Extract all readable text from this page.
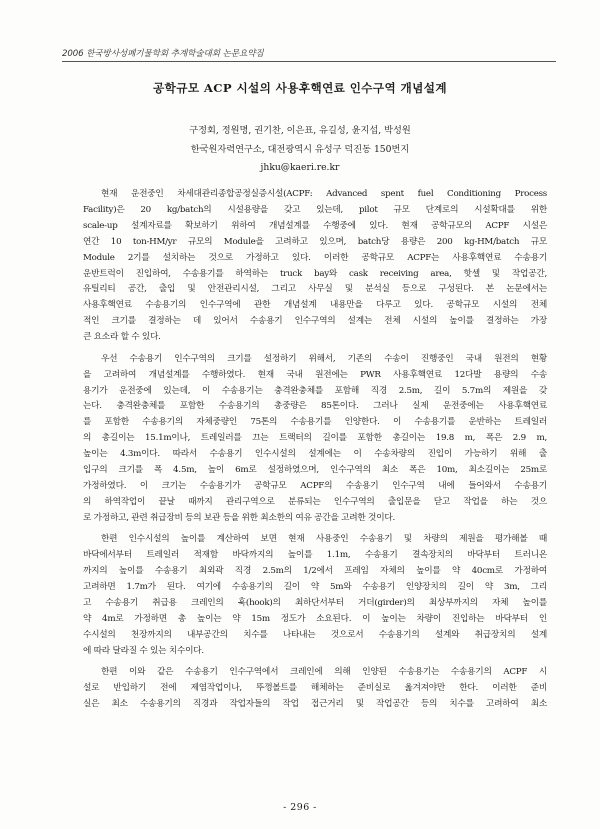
2006 한국방사성폐기물학회 추계학술대회 논문요약집
공학규모 ACP 시설의 사용후핵연료 인수구역 개념설계
구정회, 정원명, 권기찬, 이은표, 유길성, 윤지섭, 박성원
한국원자력연구소, 대전광역시 유성구 덕진동 150번지
jhku@kaeri.re.kr
현재 운전중인 차세대관리종합공정실증시설(ACPF: Advanced spent fuel Conditioning Process
Facility)은 20 kg/batch의 시설용량을 갖고 있는데, pilot 규모 단계로의 시설확대를 위한
scale-up 설계자료를 확보하기 위하여 개념설계를 수행중에 있다. 현재 공학규모의 ACPF 시설은
연간 10 ton-HM/yr 규모의 Module을 고려하고 있으며, batch당 용량은 200 kg-HM/batch 규모
Module 2기를 설치하는 것으로 가정하고 있다. 이러한 공학규모 ACPF는 사용후핵연료 수송용기
운반트럭이 진입하여, 수송용기를 하역하는 truck bay와 cask receiving area, 핫셀 및 작업공간,
유틸리티 공간, 출입 및 안전관리시설, 그리고 사무실 및 분석실 등으로 구성된다. 본 논문에서는
사용후핵연료 수송용기의 인수구역에 관한 개념설계 내용만을 다루고 있다. 공학규모 시설의 전체
적인 크기를 결정하는 데 있어서 수송용기 인수구역의 설계는 전체 시설의 높이를 결정하는 가장
큰 요소라 할 수 있다.
우선 수송용기 인수구역의 크기를 설정하기 위해서, 기존의 수송이 진행중인 국내 원전의 현황
을 고려하여 개념설계를 수행하였다. 현재 국내 원전에는 PWR 사용후핵연료 12다발 용량의 수송
용기가 운전중에 있는데, 이 수송용기는 충격완충체를 포함해 직경 2.5m, 길이 5.7m의 제원을 갖
는다. 충격완충체를 포함한 수송용기의 총중량은 85톤이다. 그러나 실제 운전중에는 사용후핵연료
를 포함한 수송용기의 자체중량인 75톤의 수송용기를 인양한다. 이 수송용기를 운반하는 트레일러
의 총길이는 15.1m이나, 트레일러를 끄는 트랙터의 길이를 포함한 총길이는 19.8 m, 폭은 2.9 m,
높이는 4.3m이다. 따라서 수송용기 인수시설의 설계에는 이 수송차량의 진입이 가능하기 위해 출
입구의 크기를 폭 4.5m, 높이 6m로 설정하였으며, 인수구역의 최소 폭은 10m, 최소길이는 25m로
가정하였다. 이 크기는 수송용기가 공학규모 ACPF의 수송용기 인수구역 내에 들어와서 수송용기
의 하역작업이 끝날 때까지 관리구역으로 분류되는 인수구역의 출입문을 닫고 작업을 하는 것으
로 가정하고, 관련 취급장비 등의 보관 등을 위한 최소한의 여유 공간을 고려한 것이다.
한편 인수시설의 높이를 계산하여 보면 현재 사용중인 수송용기 및 차량의 제원을 평가해볼 때
바닥에서부터 트레일러 적재함 바닥까지의 높이를 1.1m, 수송용기 결속장치의 바닥부터 트러니온
까지의 높이를 수송용기 최외곽 직경 2.5m의 1/2에서 프레임 자체의 높이를 약 40cm로 가정하여
고려하면 1.7m가 된다. 여기에 수송용기의 길이 약 5m와 수송용기 인양장치의 길이 약 3m, 그리
고 수송용기 취급용 크레인의 훅(hook)의 최하단서부터 거더(girder)의 최상부까지의 자체 높이를
약 4m로 가정하면 총 높이는 약 15m 정도가 소요된다. 이 높이는 차량이 진입하는 바닥부터 인
수시설의 천장까지의 내부공간의 치수를 나타내는 것으로서 수송용기의 설계와 취급장치의 설계
에 따라 달라질 수 있는 치수이다.
한편 이와 같은 수송용기 인수구역에서 크레인에 의해 인양된 수송용기는 수송용기의 ACPF 시
설로 반입하기 전에 제염작업이나, 뚜껑볼트를 해체하는 준비실로 옮겨져야만 한다. 이러한 준비
실은 최소 수송용기의 직경과 작업자들의 작업 접근거리 및 작업공간 등의 치수를 고려하여 최소
- 296 -
